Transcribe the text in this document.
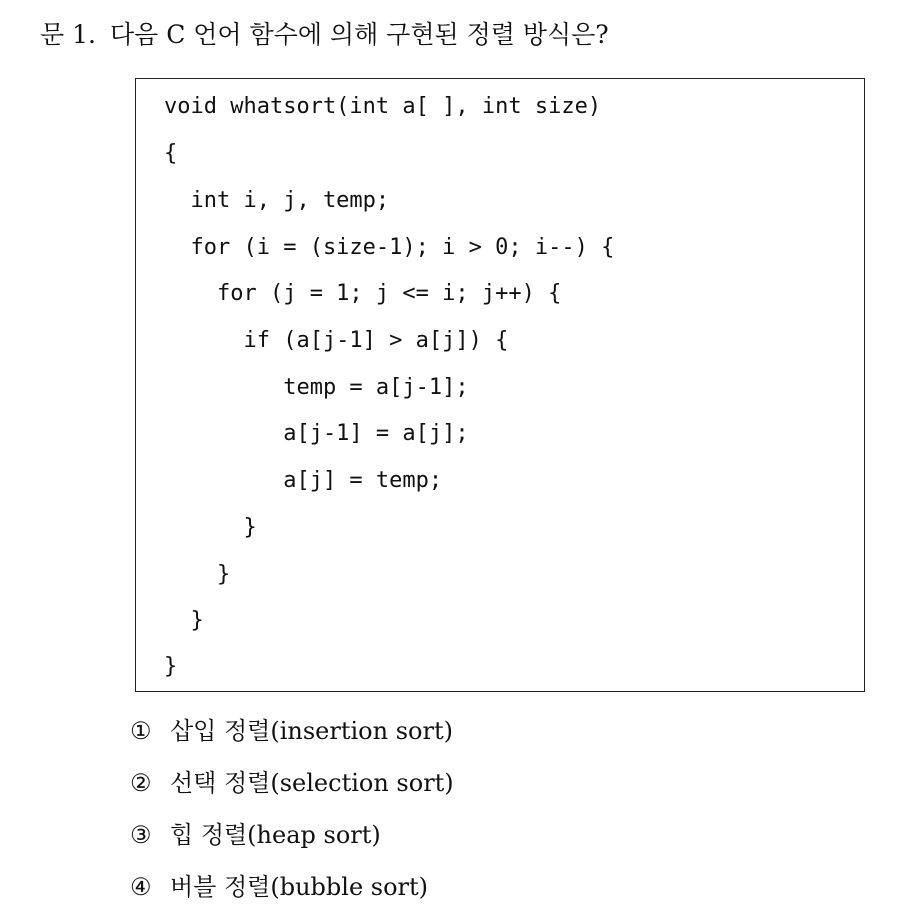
문 1. 다음 C 언어 함수에 의해 구현된 정렬 방식은?
void whatsort(int a[ ], int size)
{
int i, j, temp;
for (i = (size-1); i > 0; i--) {
for (j = 1; j <= i; j++) {
if (a[j-1] > a[j]) {
temp = a[j-1];
a[j-1] = a[j];
a[j] = temp;
}
}
}
}
① 삽입 정렬(insertion sort)
② 선택 정렬(selection sort)
③ 힙 정렬(heap sort)
④ 버블 정렬(bubble sort)
